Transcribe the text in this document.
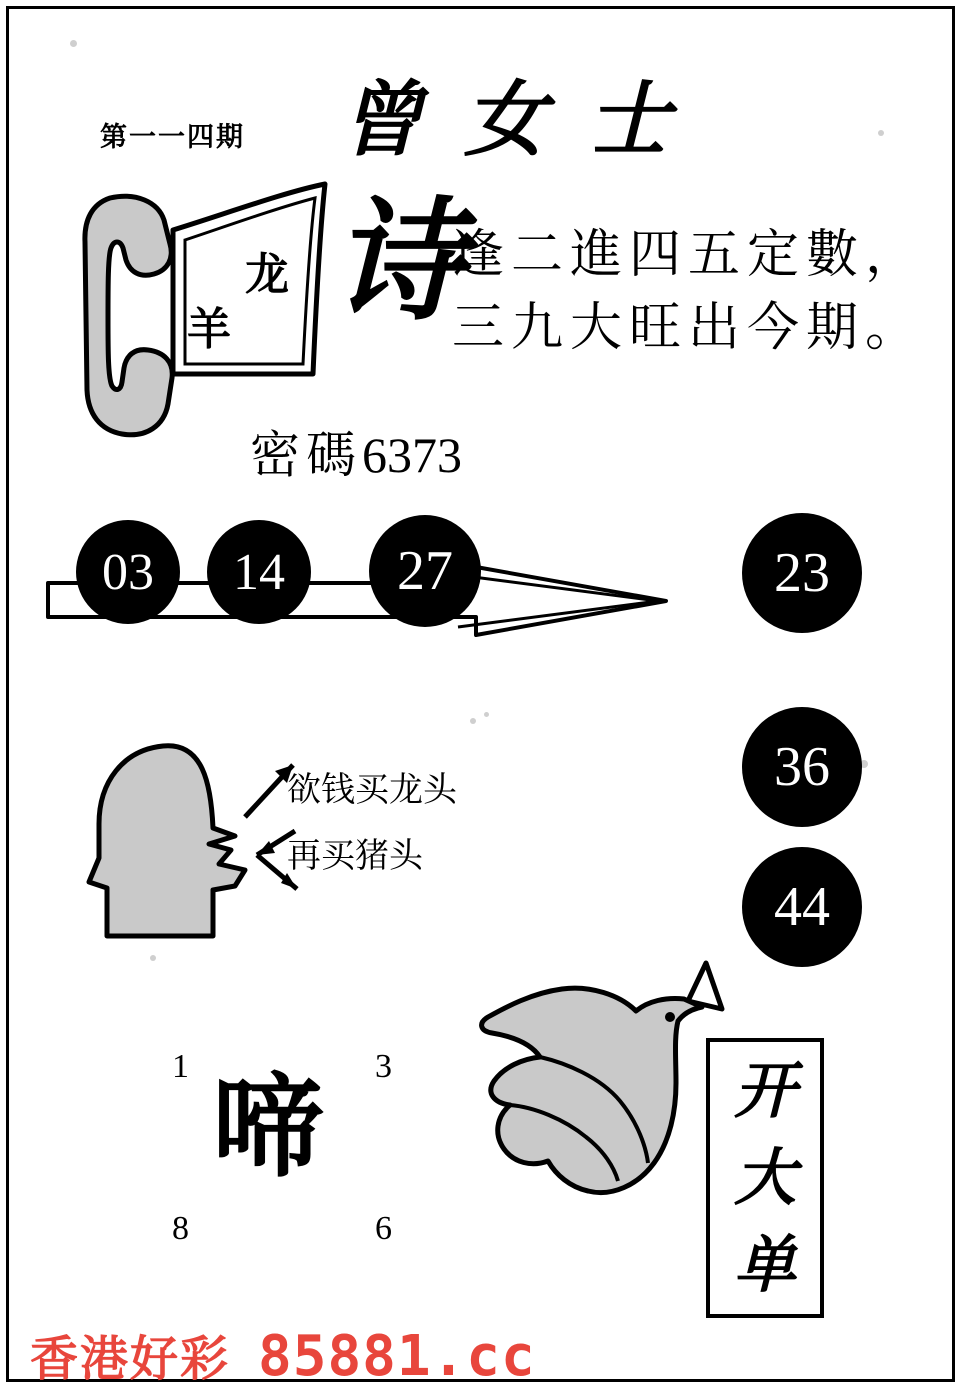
第一一四期 曾女士
龙
羊 诗
逢二進四五定數，
三九大旺出今期。
密碼6373
03	14	27	23
36
44
欲钱买龙头
再买猪头
1	3
8	6
啼	开
大
单
香港好彩 85881.cc
